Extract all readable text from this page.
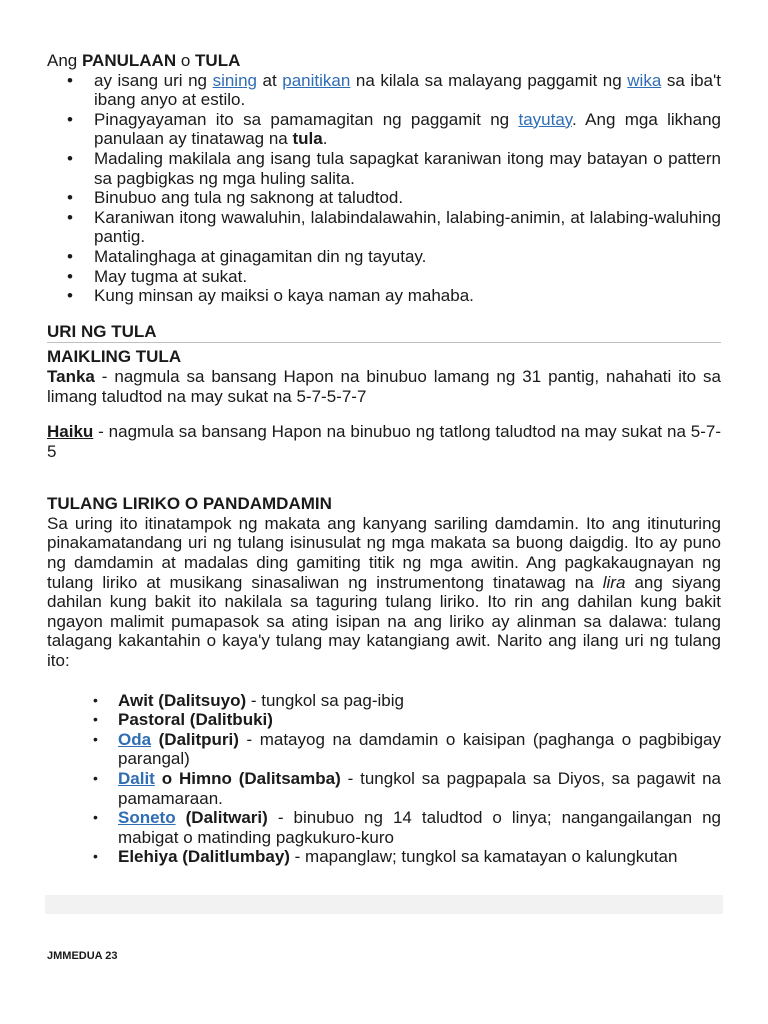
Ang PANULAAN o TULA

• ay isang uri ng sining at panitikan na kilala sa malayang paggamit ng wika sa iba't ibang anyo at estilo.
• Pinagyayaman ito sa pamamagitan ng paggamit ng tayutay. Ang mga likhang panulaan ay tinatawag na tula.
• Madaling makilala ang isang tula sapagkat karaniwan itong may batayan o pattern sa pagbigkas ng mga huling salita.
• Binubuo ang tula ng saknong at taludtod.
• Karaniwan itong wawaluhin, lalabindalawahin, lalabing-animin, at lalabing-waluhing pantig.
• Matalinghaga at ginagamitan din ng tayutay.
• May tugma at sukat.
• Kung minsan ay maiksi o kaya naman ay mahaba.

URI NG TULA

MAIKLING TULA

Tanka - nagmula sa bansang Hapon na binubuo lamang ng 31 pantig, nahahati ito sa limang taludtod na may sukat na 5-7-5-7-7

Haiku - nagmula sa bansang Hapon na binubuo ng tatlong taludtod na may sukat na 5-7-5

TULANG LIRIKO O PANDAMDAMIN

Sa uring ito itinatampok ng makata ang kanyang sariling damdamin. Ito ang itinuturing pinakamatandang uri ng tulang isinusulat ng mga makata sa buong daigdig. Ito ay puno ng damdamin at madalas ding gamiting titik ng mga awitin. Ang pagkakaugnayan ng tulang liriko at musikang sinasaliwan ng instrumentong tinatawag na lira ang siyang dahilan kung bakit ito nakilala sa taguring tulang liriko. Ito rin ang dahilan kung bakit ngayon malimit pumapasok sa ating isipan na ang liriko ay alinman sa dalawa: tulang talagang kakantahin o kaya'y tulang may katangiang awit. Narito ang ilang uri ng tulang ito:

• Awit (Dalitsuyo) - tungkol sa pag-ibig
• Pastoral (Dalitbuki)
• Oda (Dalitpuri) - matayog na damdamin o kaisipan (paghanga o pagbibigay parangal)
• Dalit o Himno (Dalitsamba) - tungkol sa pagpapala sa Diyos, sa pagawit na pamamaraan.
• Soneto (Dalitwari) - binubuo ng 14 taludtod o linya; nangangailangan ng mabigat o matinding pagkukuro-kuro
• Elehiya (Dalitlumbay) - mapanglaw; tungkol sa kamatayan o kalungkutan
JMMEDUA 23
